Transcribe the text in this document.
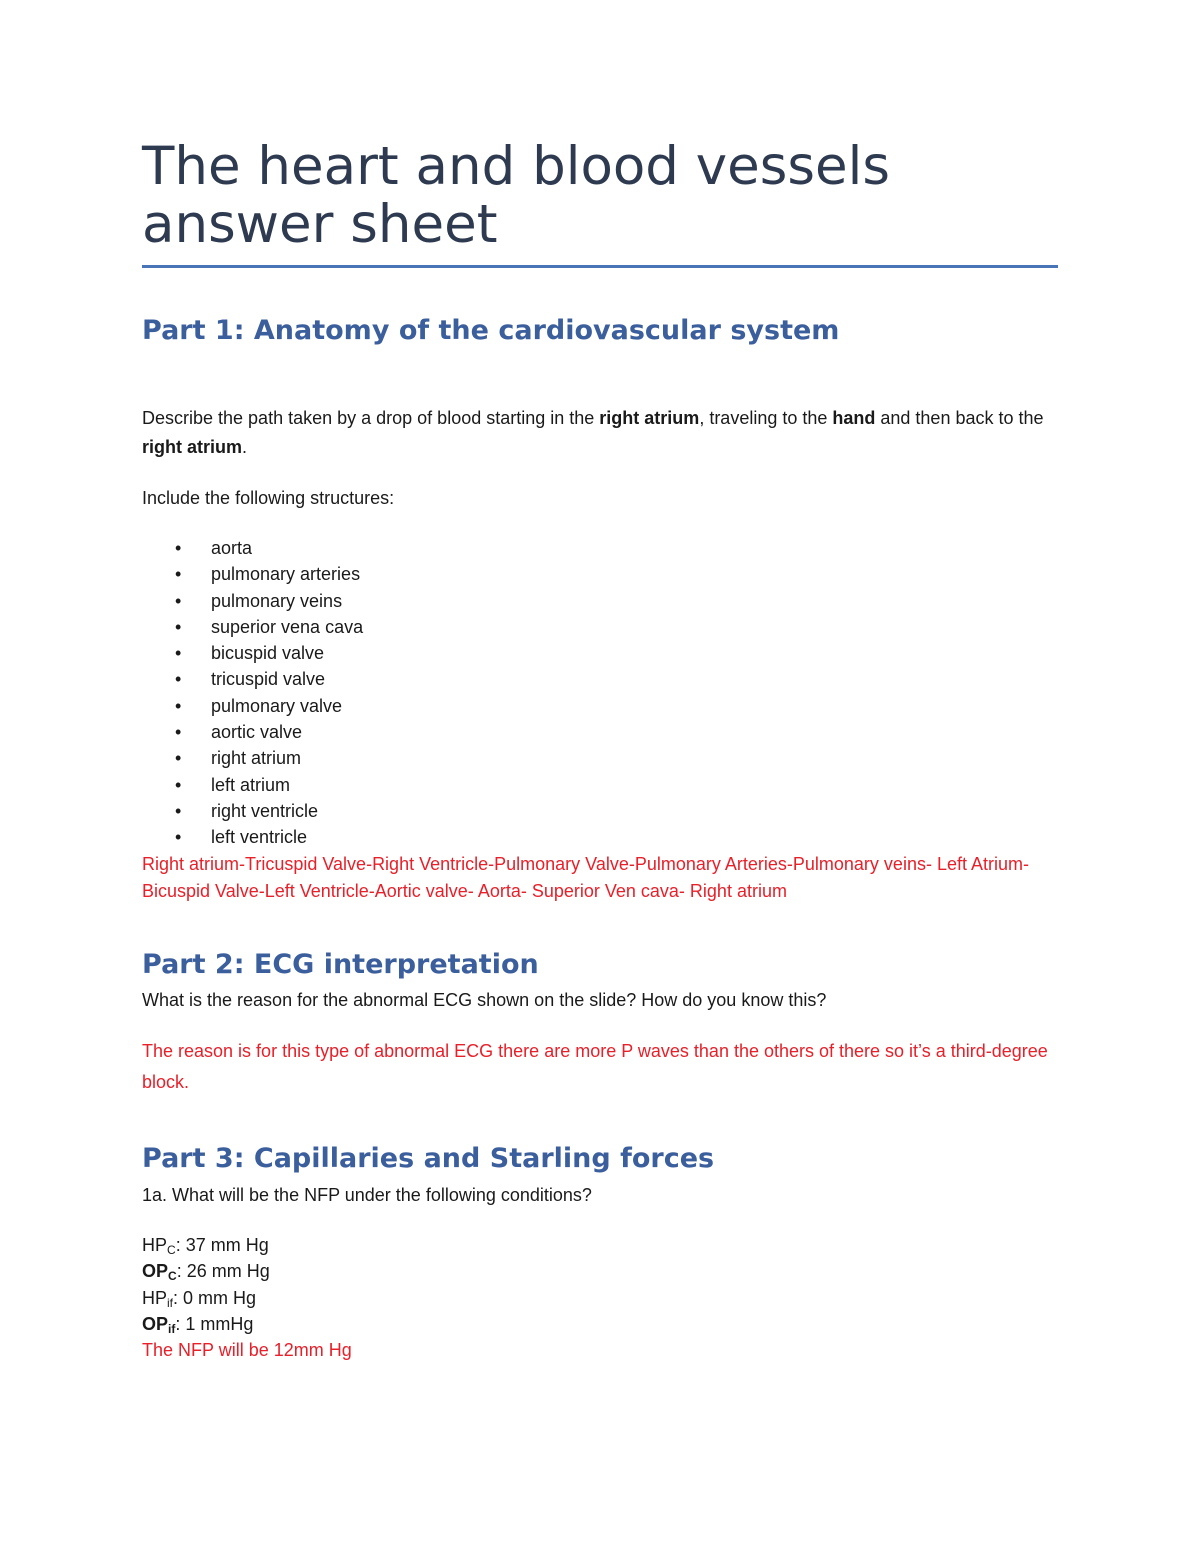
The heart and blood vessels answer sheet
Part 1: Anatomy of the cardiovascular system

Describe the path taken by a drop of blood starting in the right atrium, traveling to the hand and then back to the right atrium.

Include the following structures:

• aorta
• pulmonary arteries
• pulmonary veins
• superior vena cava
• bicuspid valve
• tricuspid valve
• pulmonary valve
• aortic valve
• right atrium
• left atrium
• right ventricle
• left ventricle

Right atrium-Tricuspid Valve-Right Ventricle-Pulmonary Valve-Pulmonary Arteries-Pulmonary veins- Left Atrium-Bicuspid Valve-Left Ventricle-Aortic valve- Aorta- Superior Ven cava- Right atrium

Part 2: ECG interpretation

What is the reason for the abnormal ECG shown on the slide? How do you know this?

The reason is for this type of abnormal ECG there are more P waves than the others of there so it’s a third-degree block.

Part 3: Capillaries and Starling forces

1a. What will be the NFP under the following conditions?

$HP_C$: 37 mm Hg

$OP_C$: 26 mm Hg

$HP_{if}$: 0 mm Hg

$OP_{if}$: 1 mmHg

The NFP will be 12mm Hg
